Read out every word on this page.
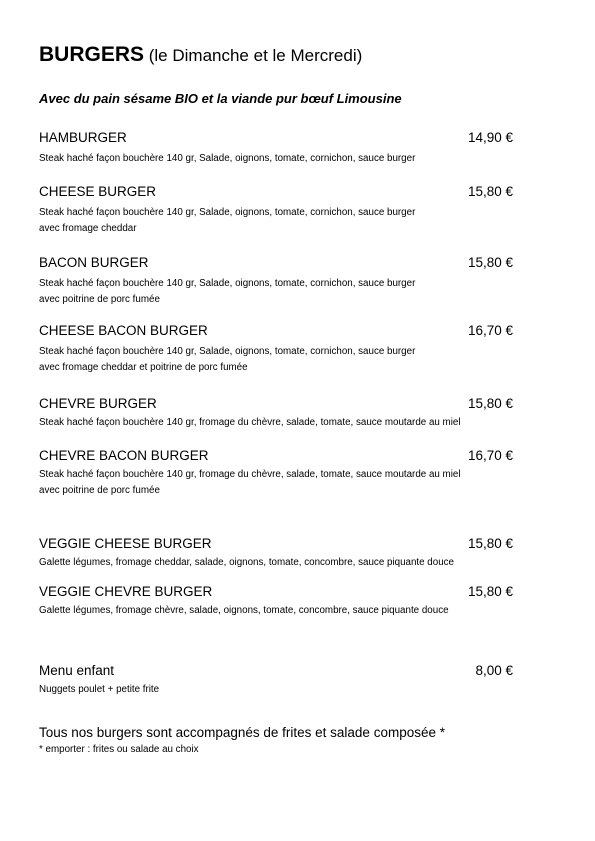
BURGERS (le Dimanche et le Mercredi)
Avec du pain sésame BIO et la viande pur bœuf Limousine
HAMBURGER	14,90 €
Steak haché façon bouchère 140 gr, Salade, oignons, tomate, cornichon, sauce burger
CHEESE BURGER	15,80 €
Steak haché façon bouchère 140 gr, Salade, oignons, tomate, cornichon, sauce burger
avec fromage cheddar
BACON BURGER	15,80 €
Steak haché façon bouchère 140 gr, Salade, oignons, tomate, cornichon, sauce burger
avec poitrine de porc fumée
CHEESE BACON BURGER	16,70 €
Steak haché façon bouchère 140 gr, Salade, oignons, tomate, cornichon, sauce burger
avec fromage cheddar et poitrine de porc fumée
CHEVRE BURGER	15,80 €
Steak haché façon bouchère 140 gr, fromage du chèvre, salade, tomate, sauce moutarde au miel
CHEVRE BACON BURGER	16,70 €
Steak haché façon bouchère 140 gr, fromage du chèvre, salade, tomate, sauce moutarde au miel
avec poitrine de porc fumée
VEGGIE CHEESE BURGER	15,80 €
Galette légumes, fromage cheddar, salade, oignons, tomate, concombre, sauce piquante douce
VEGGIE CHEVRE BURGER	15,80 €
Galette légumes, fromage chèvre, salade, oignons, tomate, concombre, sauce piquante douce
Menu enfant	8,00 €
Nuggets poulet + petite frite
Tous nos burgers sont accompagnés de frites et salade composée *
* emporter : frites ou salade au choix
